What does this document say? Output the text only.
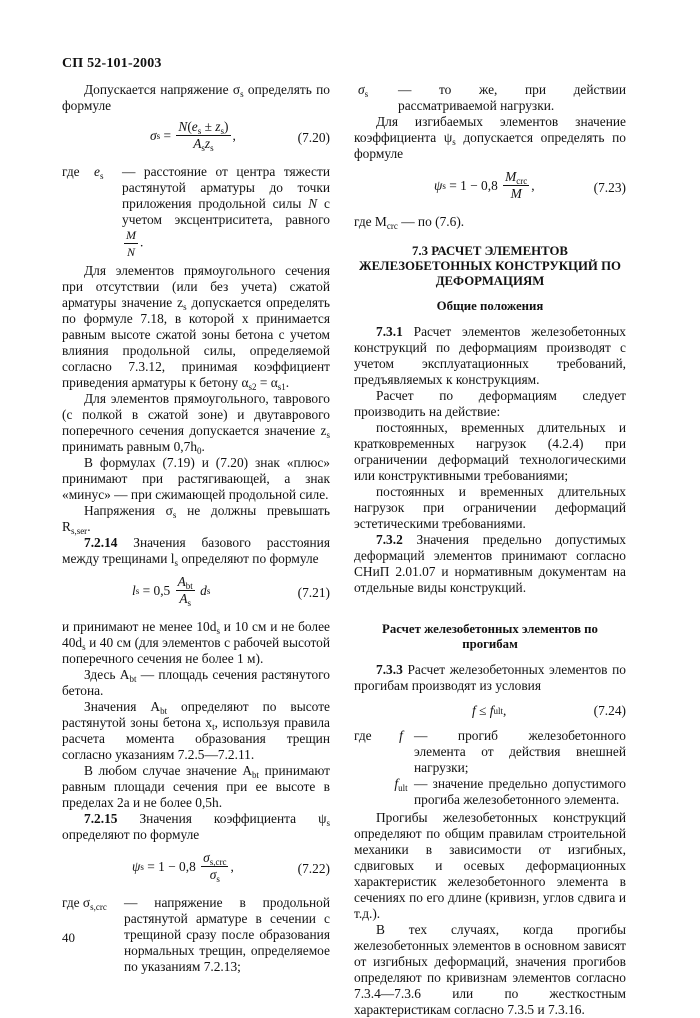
СП 52-101-2003

Допускается напряжение $\sigma_s$ определять по формуле

σ $s = \frac{N(e_s \pm z_s)}{A_sz_s}$ ,	(7.20)
где	$e_s$	— расстояние от центра тяжести растянутой арматуры до точки приложения продольной силы N с учетом эксцентриситета, равного
$\frac{M}{N}$ .

Для элементов прямоугольного сечения при отсутствии (или без учета) сжатой арматуры значение $z_s$ допускается определять по формуле 7.18, в которой x принимается равным высоте сжатой зоны бетона с учетом влияния продольной силы, определяемой согласно 7.3.12, принимая коэффициент приведения арматуры к бетону $\alpha_{s2} = \alpha_{s1}$.

Для элементов прямоугольного, таврового (с полкой в сжатой зоне) и двутаврового поперечного сечения допускается значение $z_s$ принимать равным $0,7h_0$.

В формулах (7.19) и (7.20) знак «плюс» принимают при растягивающей, а знак «минус» — при сжимающей продольной силе.

Напряжения $\sigma_s$ не должны превышать $R_{s,ser}$.

7.2.14 Значения базового расстояния между трещинами $l_s$ определяют по формуле

l $s = 0,5 \frac{A_{bt}}{A_s}$
d s	(7.21)

и принимают не менее $10d_s$ и 10 см и не более $40d_s$ и 40 см (для элементов с рабочей высотой поперечного сечения не более 1 м).

Здесь $A_{bt}$ — площадь сечения растянутого бетона.

Значения $A_{bt}$ определяют по высоте растянутой зоны бетона $x_t$, используя правила расчета момента образования трещин согласно указаниям 7.2.5—7.2.11.

В любом случае значение $A_{bt}$ принимают равным площади сечения при ее высоте в пределах 2a и не более 0,5h.

7.2.15 Значения коэффициента $\psi_s$ определяют по формуле

ψ $s = 1 - 0,8 \frac{\sigma_{s,crc}}{\sigma_s}$ ,	(7.22)
где $\sigma_{s,crc}$	— напряжение в продольной растянутой арматуре в сечении с трещиной сразу после образования нормальных трещин, определяемое по указаниям 7.2.13;
$\sigma_s$	— то же, при действии рассматриваемой нагрузки.

Для изгибаемых элементов значение коэффициента $\psi_s$ допускается определять по формуле

ψ $s = 1 - 0,8 \frac{M_{crc}}{M}$ ,	(7.23)

где $M_{crc}$ — по (7.6).

7.3 РАСЧЕТ ЭЛЕМЕНТОВ ЖЕЛЕЗОБЕТОННЫХ КОНСТРУКЦИЙ ПО ДЕФОРМАЦИЯМ
Общие положения

7.3.1 Расчет элементов железобетонных конструкций по деформациям производят с учетом эксплуатационных требований, предъявляемых к конструкциям.

Расчет по деформациям следует производить на действие:

постоянных, временных длительных и кратковременных нагрузок (4.2.4) при ограничении деформаций технологическими или конструктивными требованиями;

постоянных и временных длительных нагрузок при ограничении деформаций эстетическими требованиями.

7.3.2 Значения предельно допустимых деформаций элементов принимают согласно СНиП 2.01.07 и нормативным документам на отдельные виды конструкций.

Расчет железобетонных элементов по прогибам

7.3.3 Расчет железобетонных элементов по прогибам производят из условия

f ≤ f ult ,	(7.24)
где	f — прогиб железобетонного элемента от действия внешней нагрузки;
$f_{ult}$ — значение предельно допустимого прогиба железобетонного элемента.

Прогибы железобетонных конструкций определяют по общим правилам строительной механики в зависимости от изгибных, сдвиговых и осевых деформационных характеристик железобетонного элемента в сечениях по его длине (кривизн, углов сдвига и т.д.).

В тех случаях, когда прогибы железобетонных элементов в основном зависят от изгибных деформаций, значения прогибов определяют по кривизнам элементов согласно 7.3.4—7.3.6 или по жесткостным характеристикам согласно 7.3.5 и 7.3.16.

40
